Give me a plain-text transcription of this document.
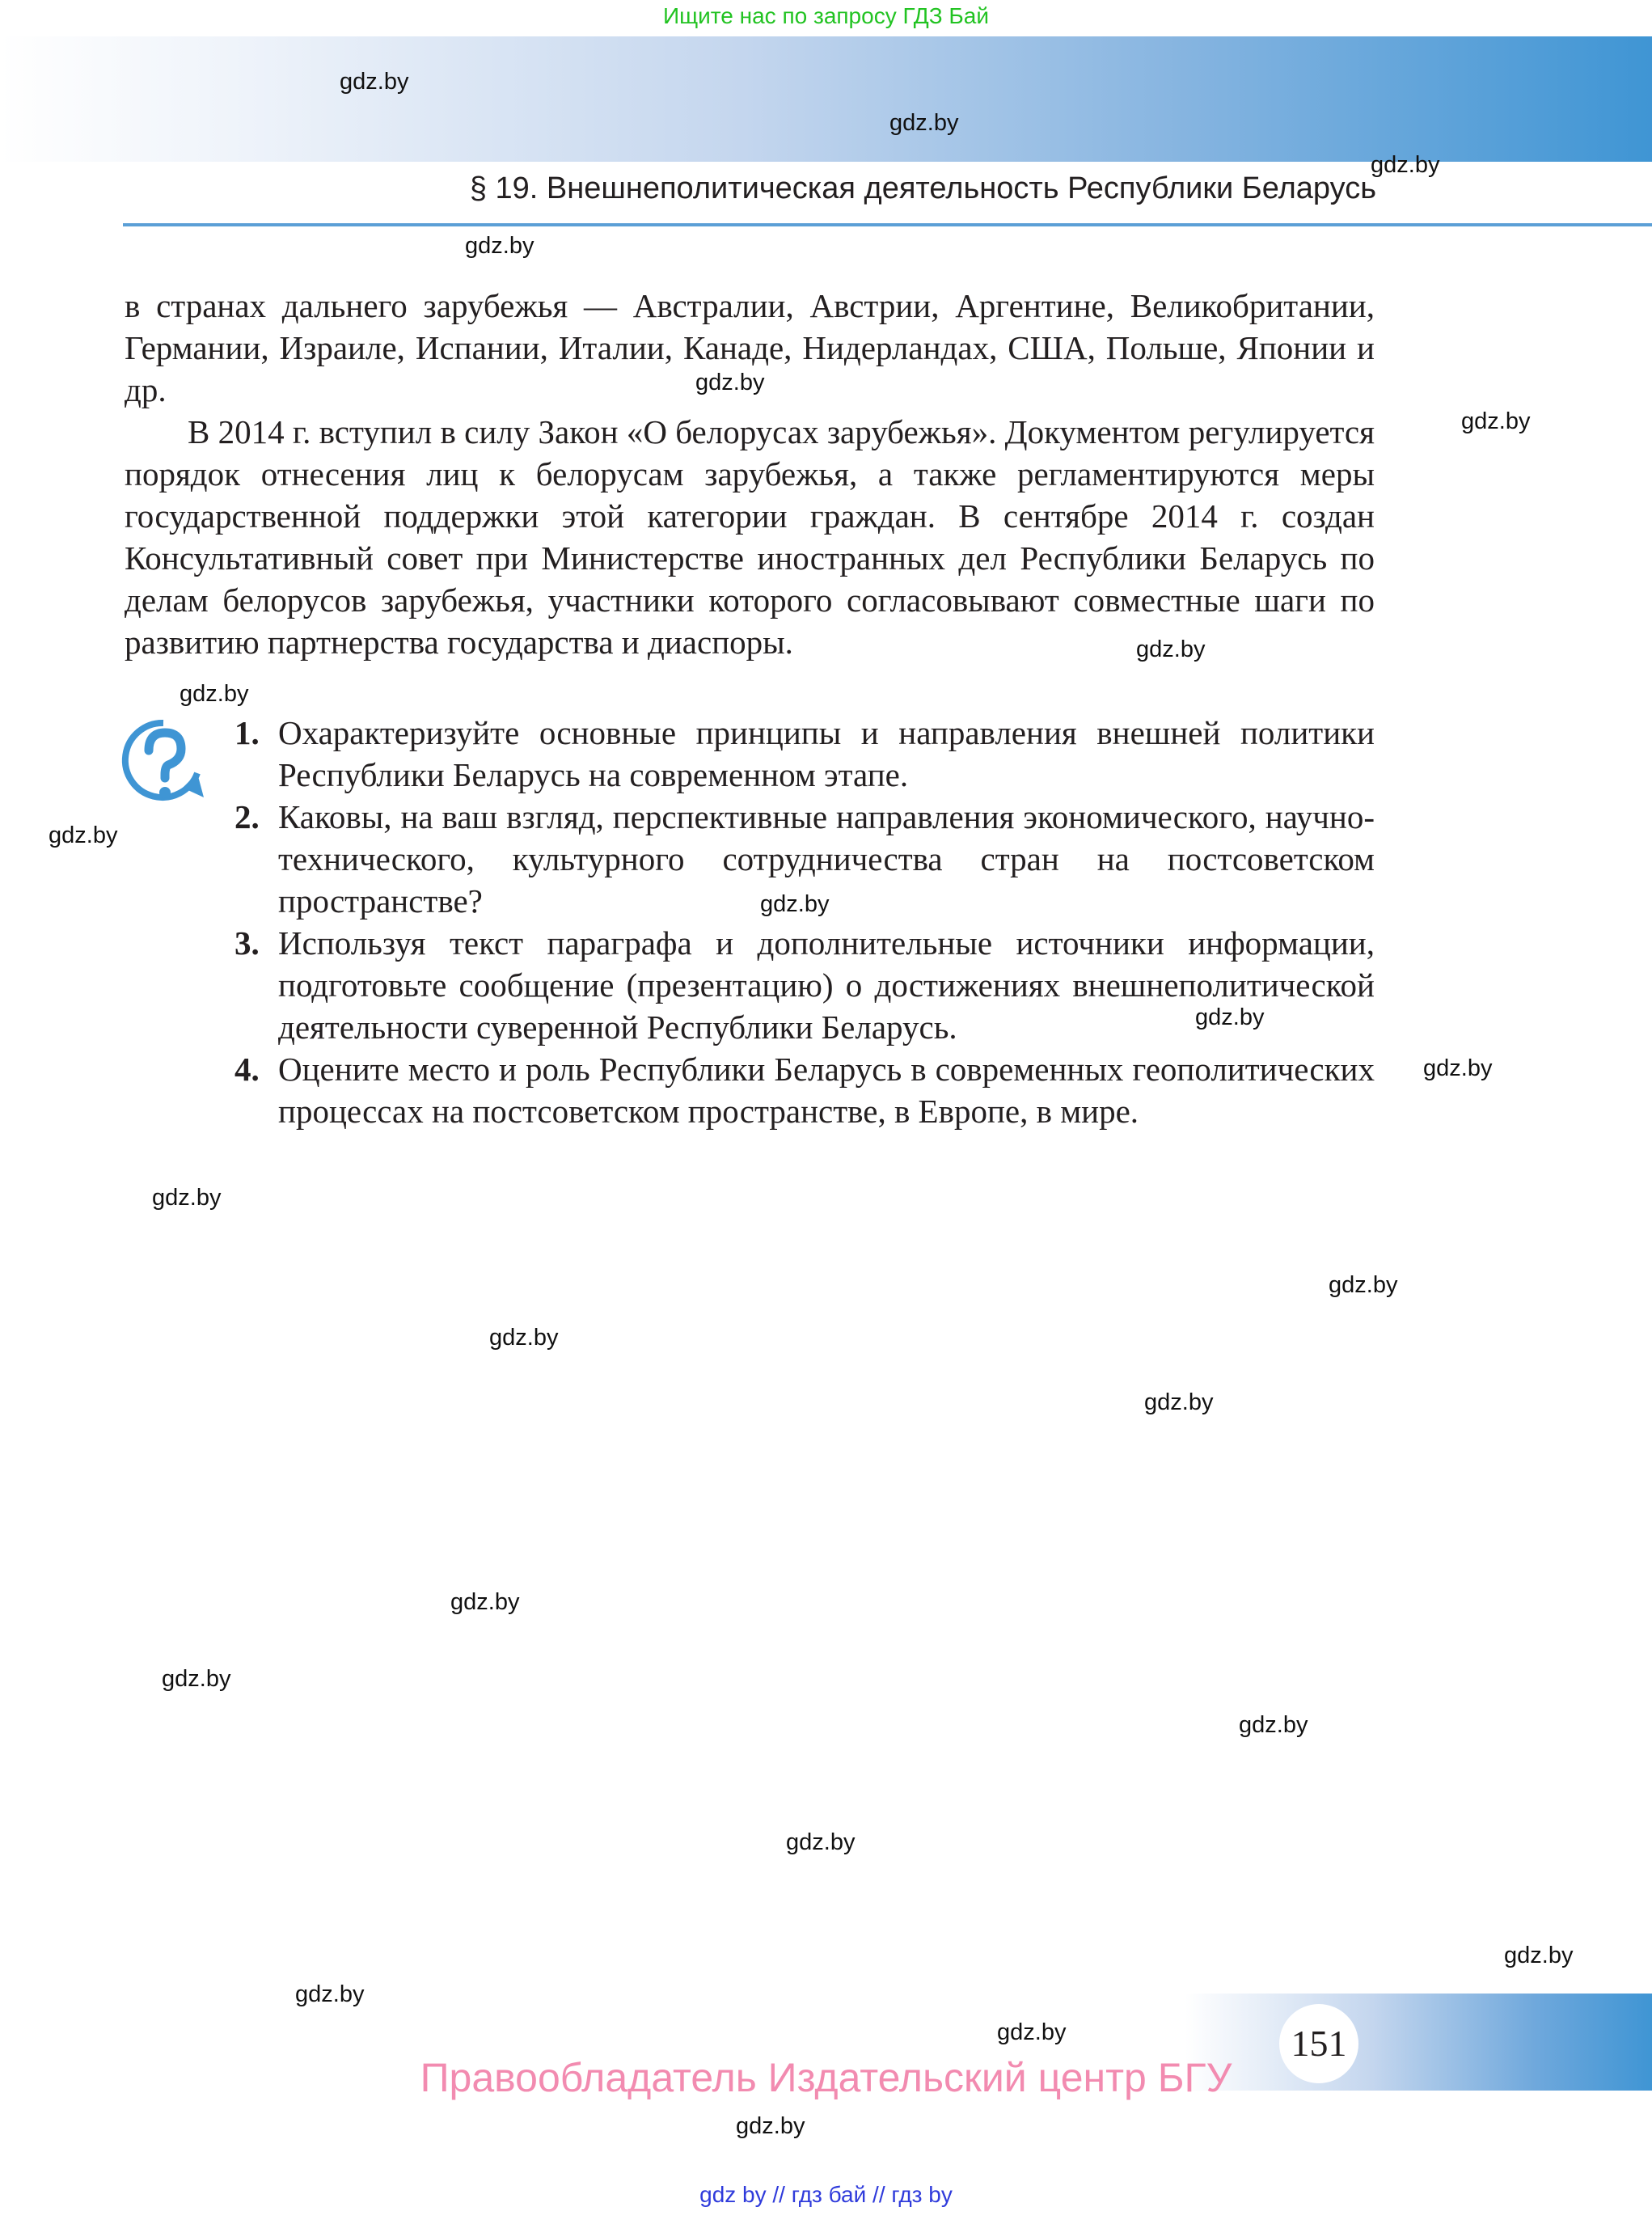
Ищите нас по запросу ГДЗ Бай
§ 19. Внешнеполитическая деятельность Республики Беларусь
в странах дальнего зарубежья — Австралии, Австрии, Аргентине, Великобритании, Германии, Израиле, Испании, Италии, Канаде, Нидерландах, США, Польше, Японии и др.
В 2014 г. вступил в силу Закон «О белорусах зарубежья». Документом регулируется порядок отнесения лиц к белорусам зарубежья, а также регламентируются меры государственной поддержки этой категории граждан. В сентябре 2014 г. создан Консультативный совет при Министерстве иностранных дел Республики Беларусь по делам белорусов зарубежья, участники которого согласовывают совместные шаги по развитию партнерства государства и диаспоры.
1. Охарактеризуйте основные принципы и направления внешней политики Республики Беларусь на современном этапе.
2. Каковы, на ваш взгляд, перспективные направления экономического, научно-технического, культурного сотрудничества стран на постсоветском пространстве?
3. Используя текст параграфа и дополнительные источники информации, подготовьте сообщение (презентацию) о достижениях внешнеполитической деятельности суверенной Республики Беларусь.
4. Оцените место и роль Республики Беларусь в современных геополитических процессах на постсоветском пространстве, в Европе, в мире.
gdz.by
gdz.by
gdz.by
gdz.by
gdz.by
gdz.by
gdz.by
gdz.by
gdz.by
gdz.by
gdz.by
gdz.by
gdz.by
gdz.by
gdz.by
gdz.by
gdz.by
gdz.by
gdz.by
gdz.by
gdz.by
gdz.by
gdz.by
gdz.by
151
Правообладатель Издательский центр БГУ
gdz by // гдз бай // гдз by
